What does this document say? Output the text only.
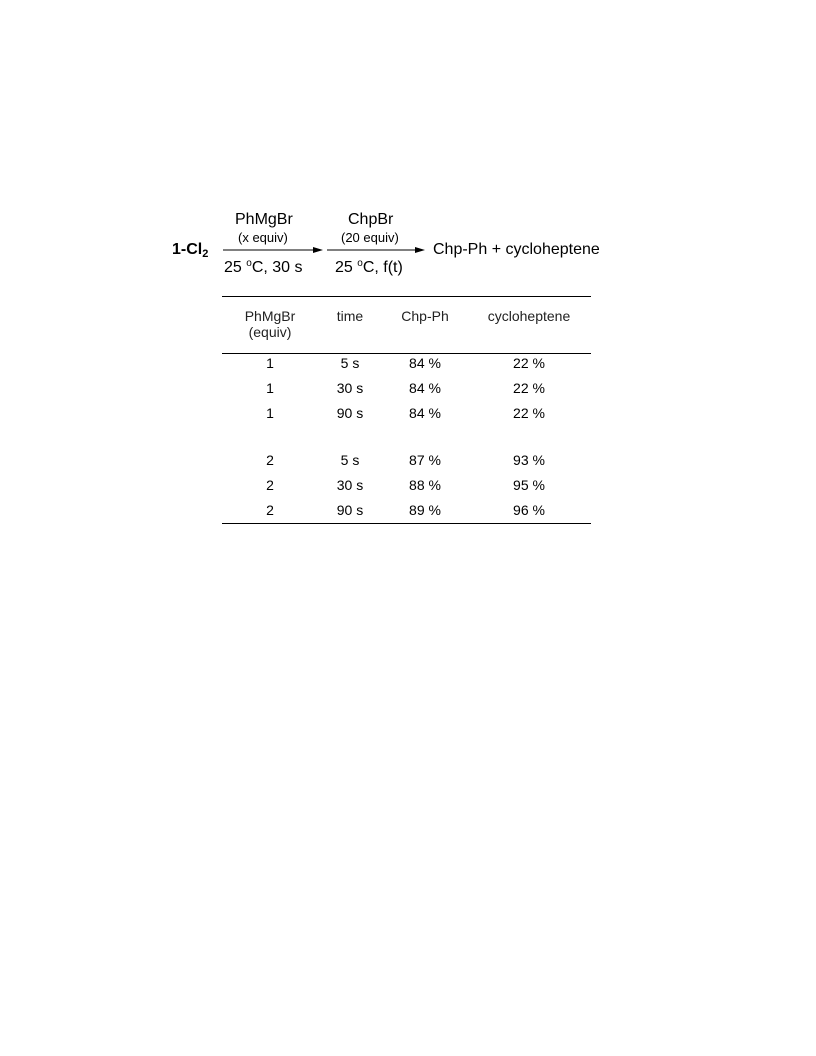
$1-Cl_2$
PhMgBr
(x equiv)
25 $^o$C, 30 s
ChpBr
(20 equiv)
25 $^o$C, f(t)
Chp-Ph + cycloheptene
PhMgBr
(equiv)
time	Chp-Ph	cycloheptene
1	5 s	84 %	22 %
1	30 s	84 %	22 %
1	90 s	84 %	22 %
2	5 s	87 %	93 %
2	30 s	88 %	95 %
2	90 s	89 %	96 %
